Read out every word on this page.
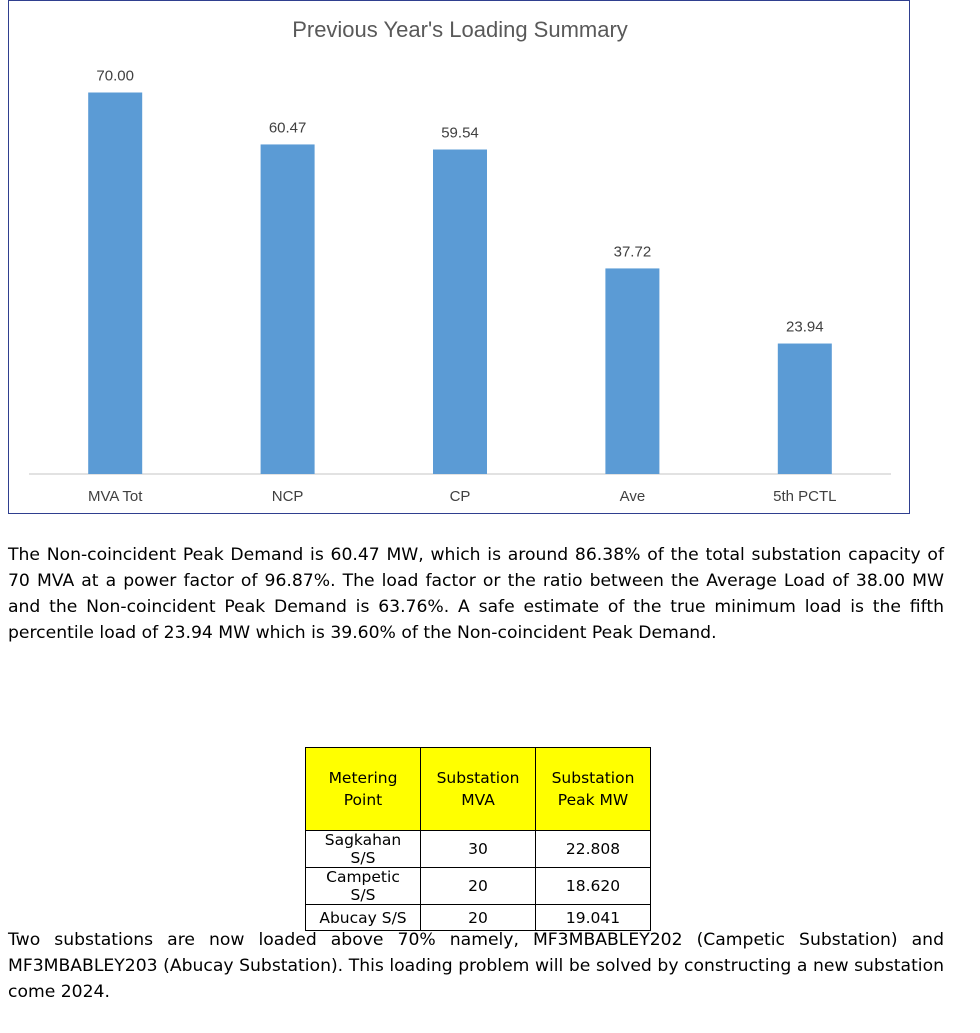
Previous Year's Loading Summary
70.00
MVA Tot
60.47
NCP
59.54
CP
37.72
Ave
23.94
5th PCTL
The Non-coincident Peak Demand is 60.47 MW, which is around 86.38% of the total substation capacity of 70 MVA at a power factor of 96.87%. The load factor or the ratio between the Average Load of 38.00 MW and the Non-coincident Peak Demand is 63.76%. A safe estimate of the true minimum load is the fifth percentile load of 23.94 MW which is 39.60% of the Non-coincident Peak Demand.
Metering Point	Substation MVA	Substation Peak MW
Sagkahan S/S	30	22.808
Campetic S/S	20	18.620
Abucay S/S	20	19.041
Two substations are now loaded above 70% namely, MF3MBABLEY202 (Campetic Substation) and MF3MBABLEY203 (Abucay Substation). This loading problem will be solved by constructing a new substation come 2024.
